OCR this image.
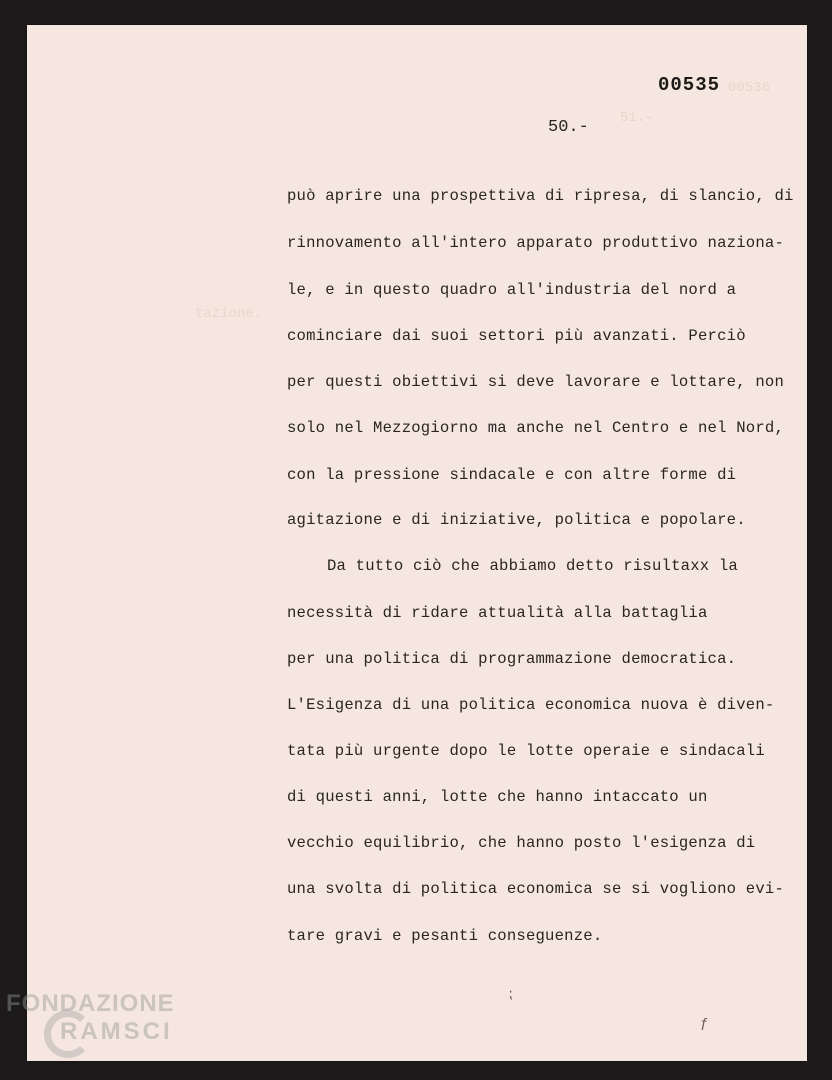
00536
51.-
tazione.
00535
50.-
può aprire una prospettiva di ripresa, di slancio, di
rinnovamento all'intero apparato produttivo naziona-
le, e in questo quadro all'industria del nord a
cominciare dai suoi settori più avanzati. Perciò
per questi obiettivi si deve lavorare e lottare, non
solo nel Mezzogiorno ma anche nel Centro e nel Nord,
con la pressione sindacale e con altre forme di
agitazione e di iniziative, politica e popolare.
Da tutto ciò che abbiamo detto risultaxx la
necessità di ridare attualità alla battaglia
per una politica di programmazione democratica.
L'Esigenza di una politica economica nuova è diven-
tata più urgente dopo le lotte operaie e sindacali
di questi anni, lotte che hanno intaccato un
vecchio equilibrio, che hanno posto l'esigenza di
una svolta di politica economica se si vogliono evi-
tare gravi e pesanti conseguenze.
⁏
ƒ
FONDAZIONE
RAMSCI
